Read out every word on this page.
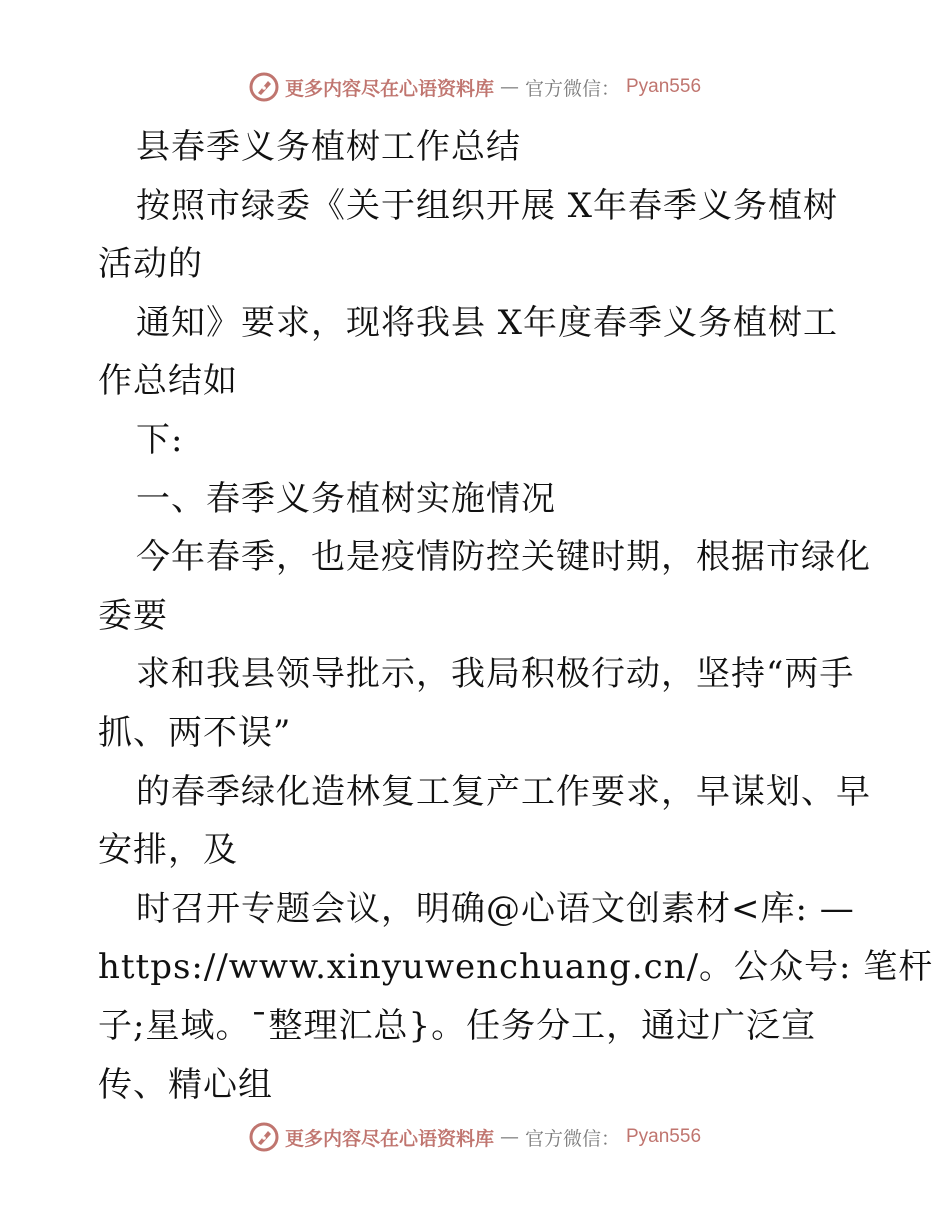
更多内容尽在心语资料库 — 官方微信： Pyan556
县春季义务植树工作总结
按照市绿委《关于组织开展 X年春季义务植树
活动的
通知》要求，现将我县 X年度春季义务植树工
作总结如
下:
一、春季义务植树实施情况
今年春季，也是疫情防控关键时期，根据市绿化
委要
求和我县领导批示，我局积极行动，坚持“两手
抓、两不误”
的春季绿化造林复工复产工作要求，早谋划、早
安排，及
时召开专题会议，明确@心语文创素材<库: —
https://www.xinyuwenchuang.cn/。公众号: 笔杆
子;星域。¯整理汇总}。任务分工，通过广泛宣
传、精心组
更多内容尽在心语资料库 — 官方微信： Pyan556
